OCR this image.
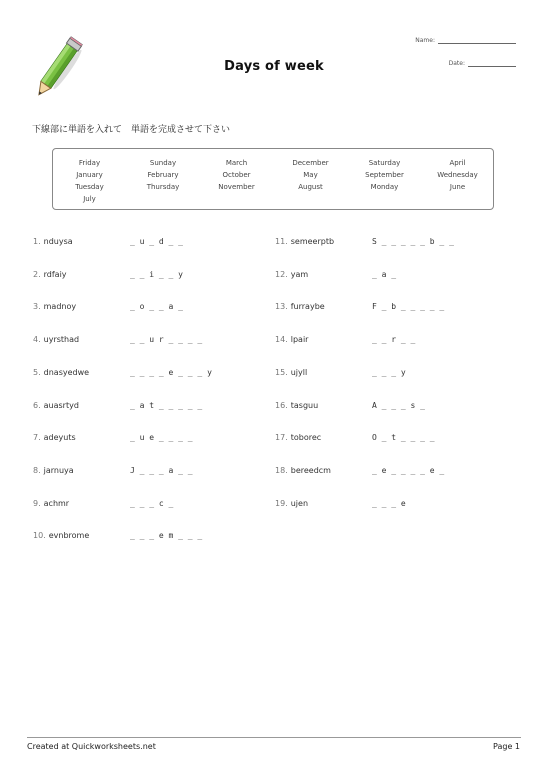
Name:
Date:
Days of week
下線部に単語を入れて　単語を完成させて下さい
Friday	Sunday	March	December	Saturday	April
January	February	October	May	September	Wednesday
Tuesday	Thursday	November	August	Monday	June
July
1. nduysa	_ u _ d _ _
2. rdfaiy	_ _ i _ _ y
3. madnoy	_ o _ _ a _
4. uyrsthad	_ _ u r _ _ _ _
5. dnasyedwe	_ _ _ _ e _ _ _ y
6. auasrtyd	_ a t _ _ _ _ _
7. adeyuts	_ u e _ _ _ _
8. jarnuya	J _ _ _ a _ _
9. achmr	_ _ _ c _
10. evnbrome	_ _ _ e m _ _ _
11. semeerptb	S _ _ _ _ _ b _ _
12. yam	_ a _
13. furraybe	F _ b _ _ _ _ _
14. lpair	_ _ r _ _
15. ujyll	_ _ _ y
16. tasguu	A _ _ _ s _
17. toborec	O _ t _ _ _ _
18. bereedcm	_ e _ _ _ _ e _
19. ujen	_ _ _ e
Created at Quickworksheets.net	Page 1
